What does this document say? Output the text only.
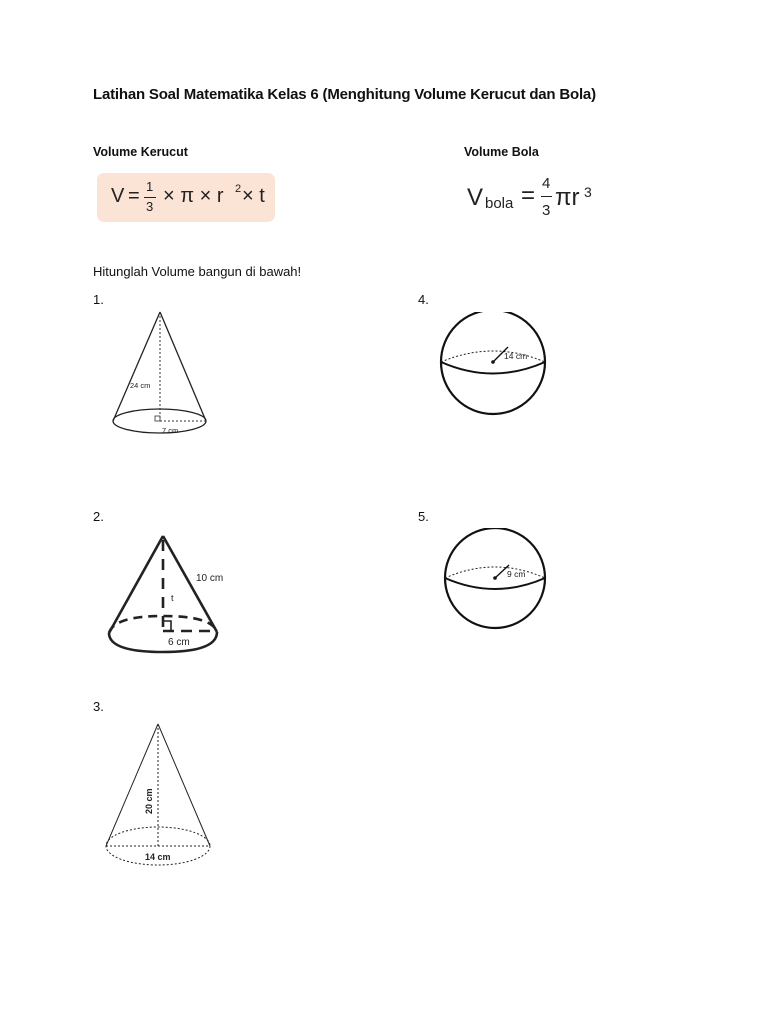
Latihan Soal Matematika Kelas 6 (Menghitung Volume Kerucut dan Bola)
Volume Kerucut	Volume Bola
V = 1
3 × π × r 2 × t	V bola = 4
3 πr 3
Hitunglah Volume bangun di bawah!
1.	4.
2.	5.
3.
24 cm
7 cm
10 cm
t
6 cm
20 cm
14 cm
14 cm
9 cm
